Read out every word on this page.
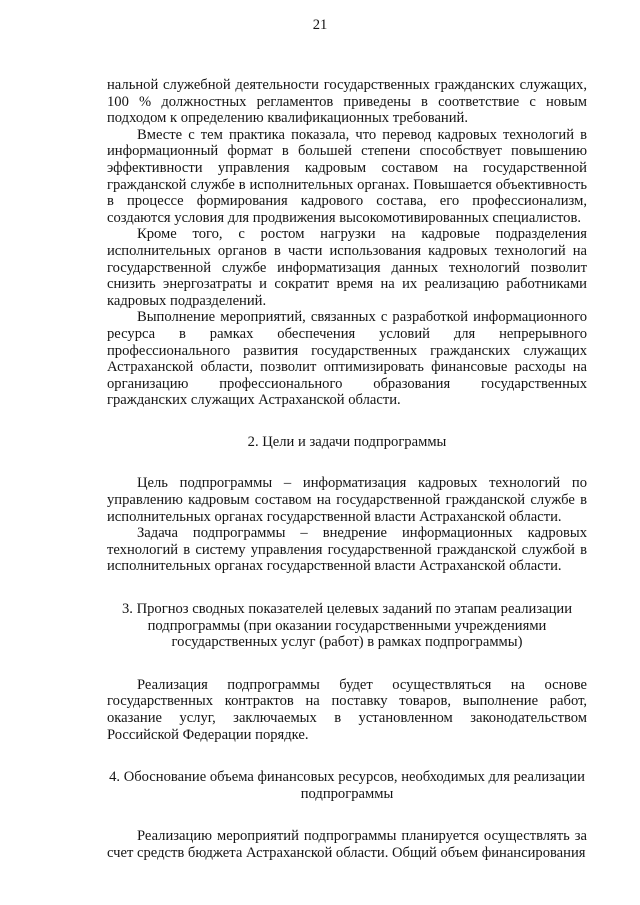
21

нальной служебной деятельности государственных гражданских служащих, 100 % должностных регламентов приведены в соответствие с новым подходом к определению квалификационных требований.

Вместе с тем практика показала, что перевод кадровых технологий в информационный формат в большей степени способствует повышению эффективности управления кадровым составом на государственной гражданской службе в исполнительных органах. Повышается объективность в процессе формирования кадрового состава, его профессионализм, создаются условия для продвижения высокомотивированных специалистов.

Кроме того, с ростом нагрузки на кадровые подразделения исполнительных органов в части использования кадровых технологий на государственной службе информатизация данных технологий позволит снизить энергозатраты и сократит время на их реализацию работниками кадровых подразделений.

Выполнение мероприятий, связанных с разработкой информационного ресурса в рамках обеспечения условий для непрерывного профессионального развития государственных гражданских служащих Астраханской области, позволит оптимизировать финансовые расходы на организацию профессионального образования государственных гражданских служащих Астраханской области.

2. Цели и задачи подпрограммы

Цель подпрограммы – информатизация кадровых технологий по управлению кадровым составом на государственной гражданской службе в исполнительных органах государственной власти Астраханской области.

Задача подпрограммы – внедрение информационных кадровых технологий в систему управления государственной гражданской службой в исполнительных органах государственной власти Астраханской области.

3. Прогноз сводных показателей целевых заданий по этапам реализации подпрограммы (при оказании государственными учреждениями государственных услуг (работ) в рамках подпрограммы)

Реализация подпрограммы будет осуществляться на основе государственных контрактов на поставку товаров, выполнение работ, оказание услуг, заключаемых в установленном законодательством Российской Федерации порядке.

4. Обоснование объема финансовых ресурсов, необходимых для реализации подпрограммы

Реализацию мероприятий подпрограммы планируется осуществлять за счет средств бюджета Астраханской области. Общий объем финансирования
